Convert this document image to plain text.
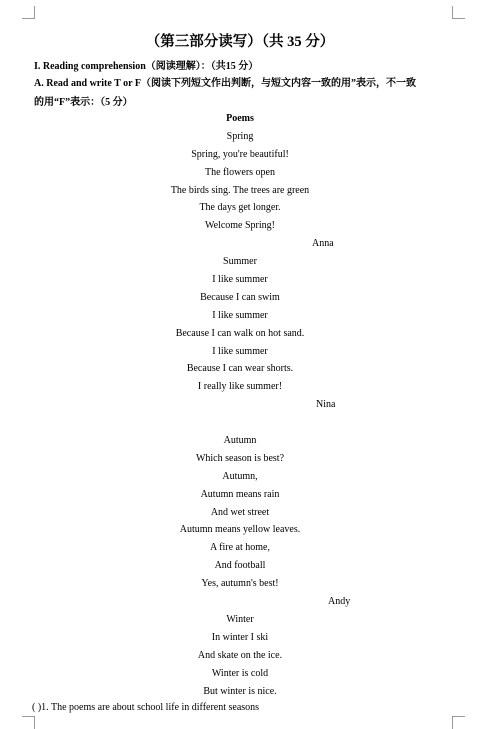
（第三部分读写）（共 35 分）
I. Reading comprehension（阅读理解）：（共15 分）
A. Read and write T or F（阅读下列短文作出判断，与短文内容一致的用”表示，不一致
的用“F”表示：（5 分）
Poems
Spring
Spring, you're beautiful!
The flowers open
The birds sing. The trees are green
The days get longer.
Welcome Spring!
Anna
Summer
I like summer
Because I can swim
I like summer
Because I can walk on hot sand.
I like summer
Because I can wear shorts.
I really like summer!
Nina
Autumn
Which season is best?
Autumn,
Autumn means rain
And wet street
Autumn means yellow leaves.
A fire at home,
And football
Yes, autumn's best!
Andy
Winter
In winter I ski
And skate on the ice.
Winter is cold
But winter is nice.
( )1. The poems are about school life in different seasons
